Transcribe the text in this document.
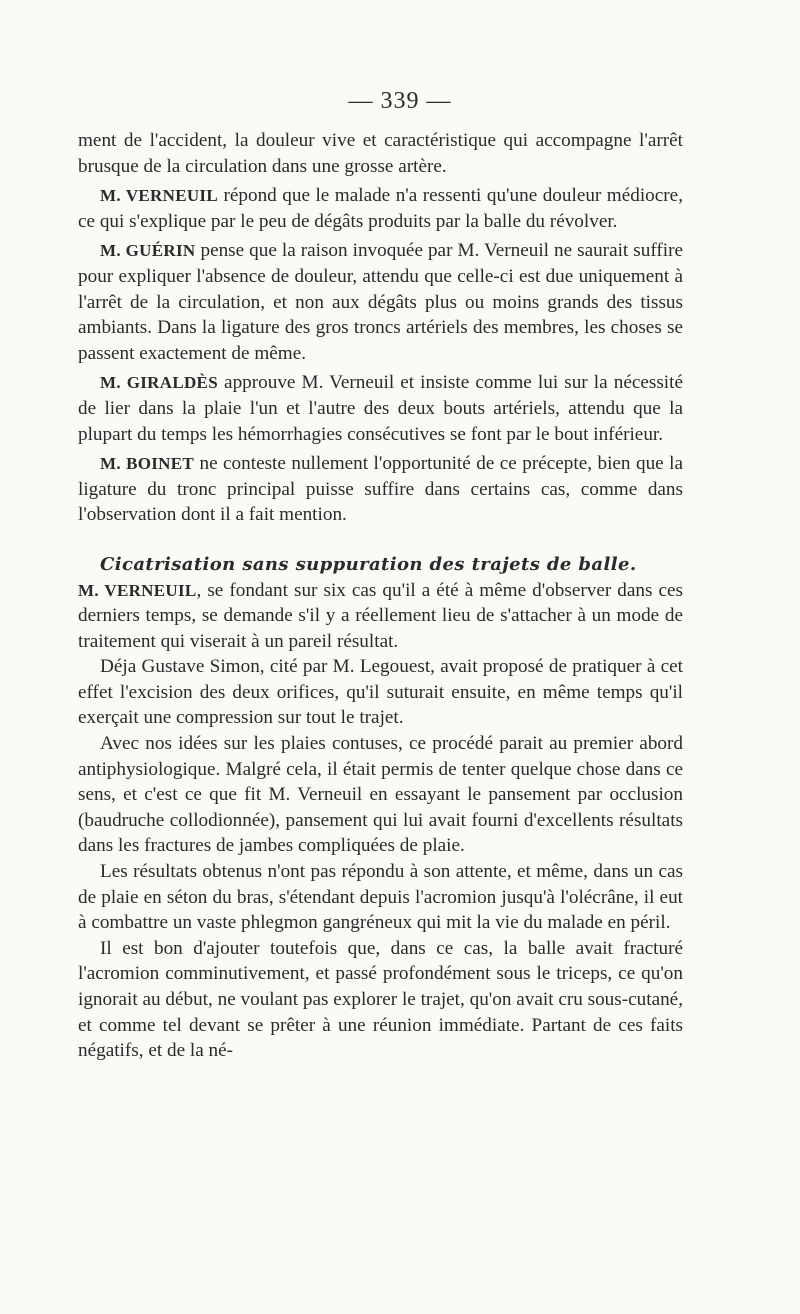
— 339 —

ment de l'accident, la douleur vive et caractéristique qui accompagne l'arrêt brusque de la circulation dans une grosse artère.

M. VERNEUIL répond que le malade n'a ressenti qu'une douleur médiocre, ce qui s'explique par le peu de dégâts produits par la balle du révolver.

M. GUÉRIN pense que la raison invoquée par M. Verneuil ne saurait suffire pour expliquer l'absence de douleur, attendu que celle-ci est due uniquement à l'arrêt de la circulation, et non aux dégâts plus ou moins grands des tissus ambiants. Dans la ligature des gros troncs artériels des membres, les choses se passent exactement de même.

M. GIRALDÈS approuve M. Verneuil et insiste comme lui sur la nécessité de lier dans la plaie l'un et l'autre des deux bouts artériels, attendu que la plupart du temps les hémorrhagies consécutives se font par le bout inférieur.

M. BOINET ne conteste nullement l'opportunité de ce précepte, bien que la ligature du tronc principal puisse suffire dans certains cas, comme dans l'observation dont il a fait mention.

Cicatrisation sans suppuration des trajets de balle.

M. VERNEUIL, se fondant sur six cas qu'il a été à même d'observer dans ces derniers temps, se demande s'il y a réellement lieu de s'attacher à un mode de traitement qui viserait à un pareil résultat.

Déja Gustave Simon, cité par M. Legouest, avait proposé de pratiquer à cet effet l'excision des deux orifices, qu'il suturait ensuite, en même temps qu'il exerçait une compression sur tout le trajet.

Avec nos idées sur les plaies contuses, ce procédé parait au premier abord antiphysiologique. Malgré cela, il était permis de tenter quelque chose dans ce sens, et c'est ce que fit M. Verneuil en essayant le pansement par occlusion (baudruche collodionnée), pansement qui lui avait fourni d'excellents résultats dans les fractures de jambes compliquées de plaie.

Les résultats obtenus n'ont pas répondu à son attente, et même, dans un cas de plaie en séton du bras, s'étendant depuis l'acromion jusqu'à l'olécrâne, il eut à combattre un vaste phlegmon gangréneux qui mit la vie du malade en péril.

Il est bon d'ajouter toutefois que, dans ce cas, la balle avait fracturé l'acromion comminutivement, et passé profondément sous le triceps, ce qu'on ignorait au début, ne voulant pas explorer le trajet, qu'on avait cru sous-cutané, et comme tel devant se prêter à une réunion immédiate. Partant de ces faits négatifs, et de la né-
